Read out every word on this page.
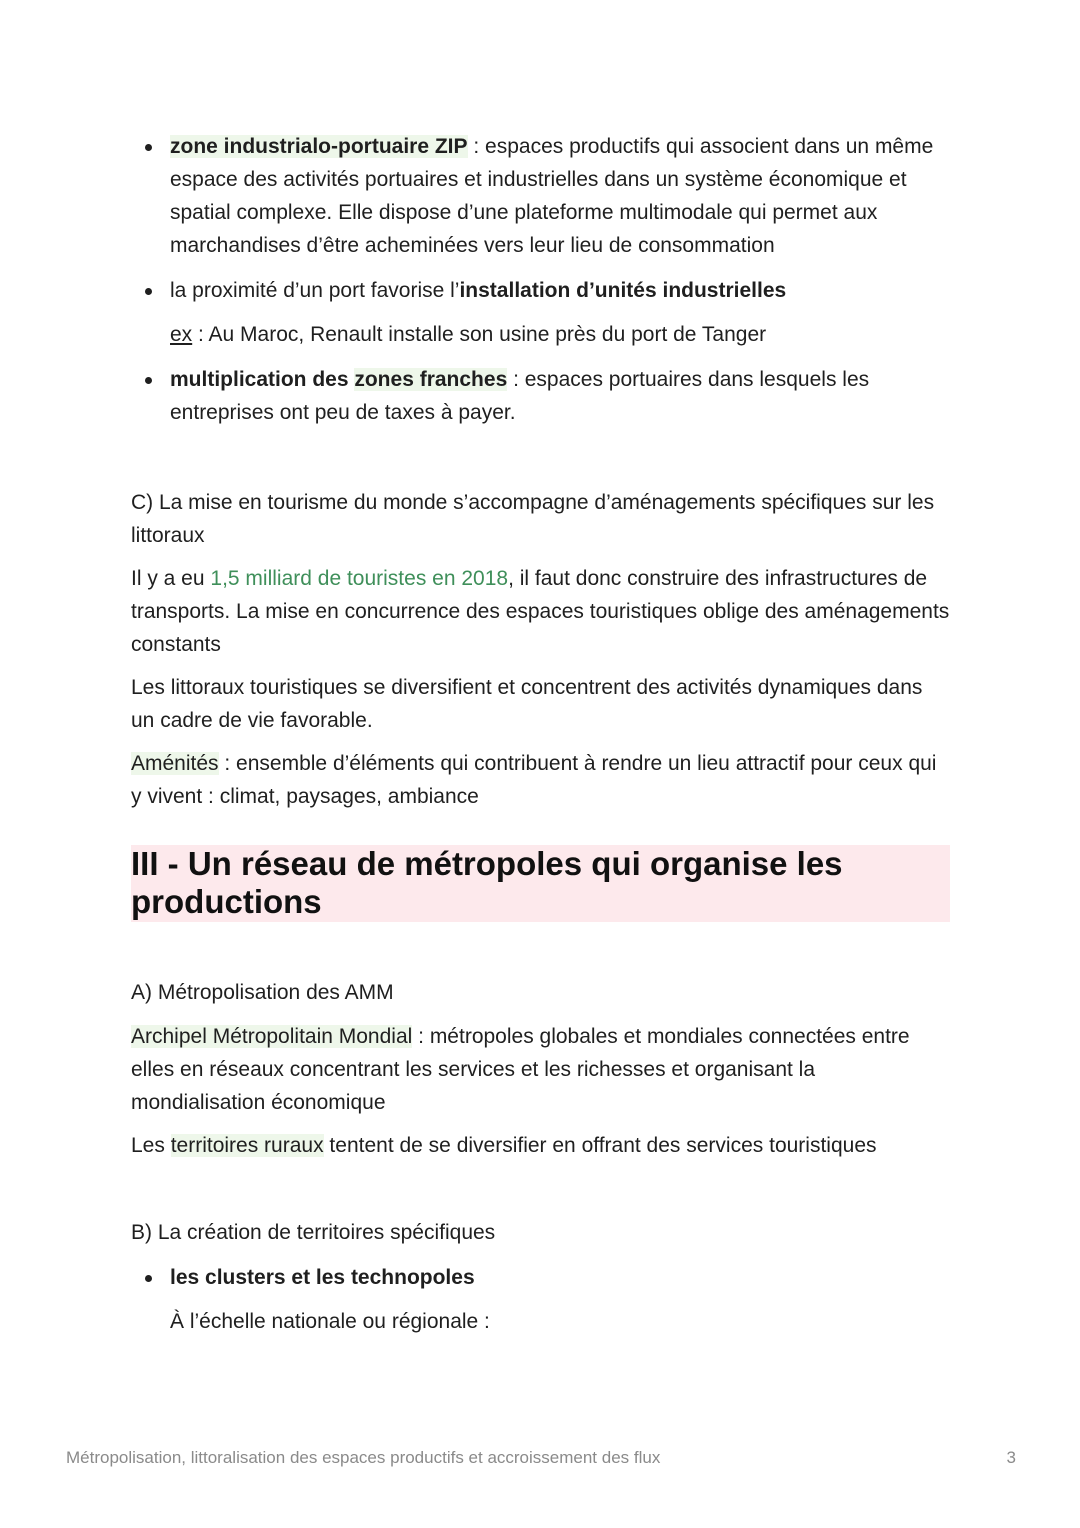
zone industrialo-portuaire ZIP : espaces productifs qui associent dans un même espace des activités portuaires et industrielles dans un système économique et spatial complexe. Elle dispose d’une plateforme multimodale qui permet aux marchandises d’être acheminées vers leur lieu de consommation

la proximité d’un port favorise l’installation d’unités industrielles

ex : Au Maroc, Renault installe son usine près du port de Tanger

multiplication des zones franches : espaces portuaires dans lesquels les entreprises ont peu de taxes à payer.

C) La mise en tourisme du monde s’accompagne d’aménagements spécifiques sur les littoraux

Il y a eu 1,5 milliard de touristes en 2018, il faut donc construire des infrastructures de transports. La mise en concurrence des espaces touristiques oblige des aménagements constants

Les littoraux touristiques se diversifient et concentrent des activités dynamiques dans un cadre de vie favorable.

Aménités : ensemble d’éléments qui contribuent à rendre un lieu attractif pour ceux qui y vivent : climat, paysages, ambiance

III - Un réseau de métropoles qui organise les productions

A) Métropolisation des AMM

Archipel Métropolitain Mondial : métropoles globales et mondiales connectées entre elles en réseaux concentrant les services et les richesses et organisant la mondialisation économique

Les territoires ruraux tentent de se diversifier en offrant des services touristiques

B) La création de territoires spécifiques

les clusters et les technopoles

À l’échelle nationale ou régionale :

Métropolisation, littoralisation des espaces productifs et accroissement des flux	3
